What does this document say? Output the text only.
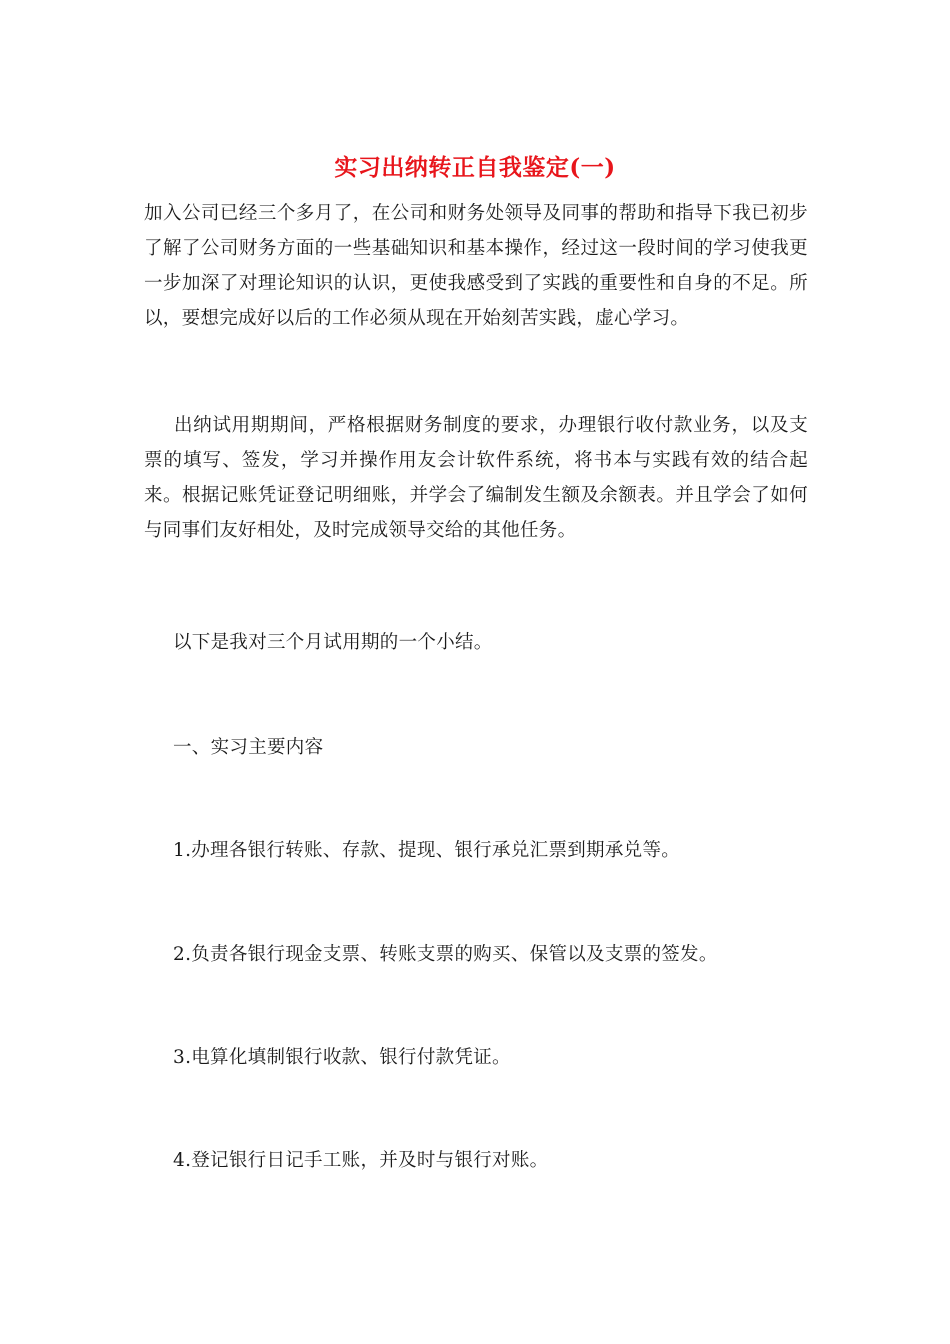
实习出纳转正自我鉴定(一)

加入公司已经三个多月了，在公司和财务处领导及同事的帮助和指导下我已初步了解了公司财务方面的一些基础知识和基本操作，经过这一段时间的学习使我更一步加深了对理论知识的认识，更使我感受到了实践的重要性和自身的不足。所以，要想完成好以后的工作必须从现在开始刻苦实践，虚心学习。

出纳试用期期间，严格根据财务制度的要求，办理银行收付款业务，以及支票的填写、签发，学习并操作用友会计软件系统，将书本与实践有效的结合起来。根据记账凭证登记明细账，并学会了编制发生额及余额表。并且学会了如何与同事们友好相处，及时完成领导交给的其他任务。

以下是我对三个月试用期的一个小结。

一、实习主要内容

1.办理各银行转账、存款、提现、银行承兑汇票到期承兑等。

2.负责各银行现金支票、转账支票的购买、保管以及支票的签发。

3.电算化填制银行收款、银行付款凭证。

4.登记银行日记手工账，并及时与银行对账。
